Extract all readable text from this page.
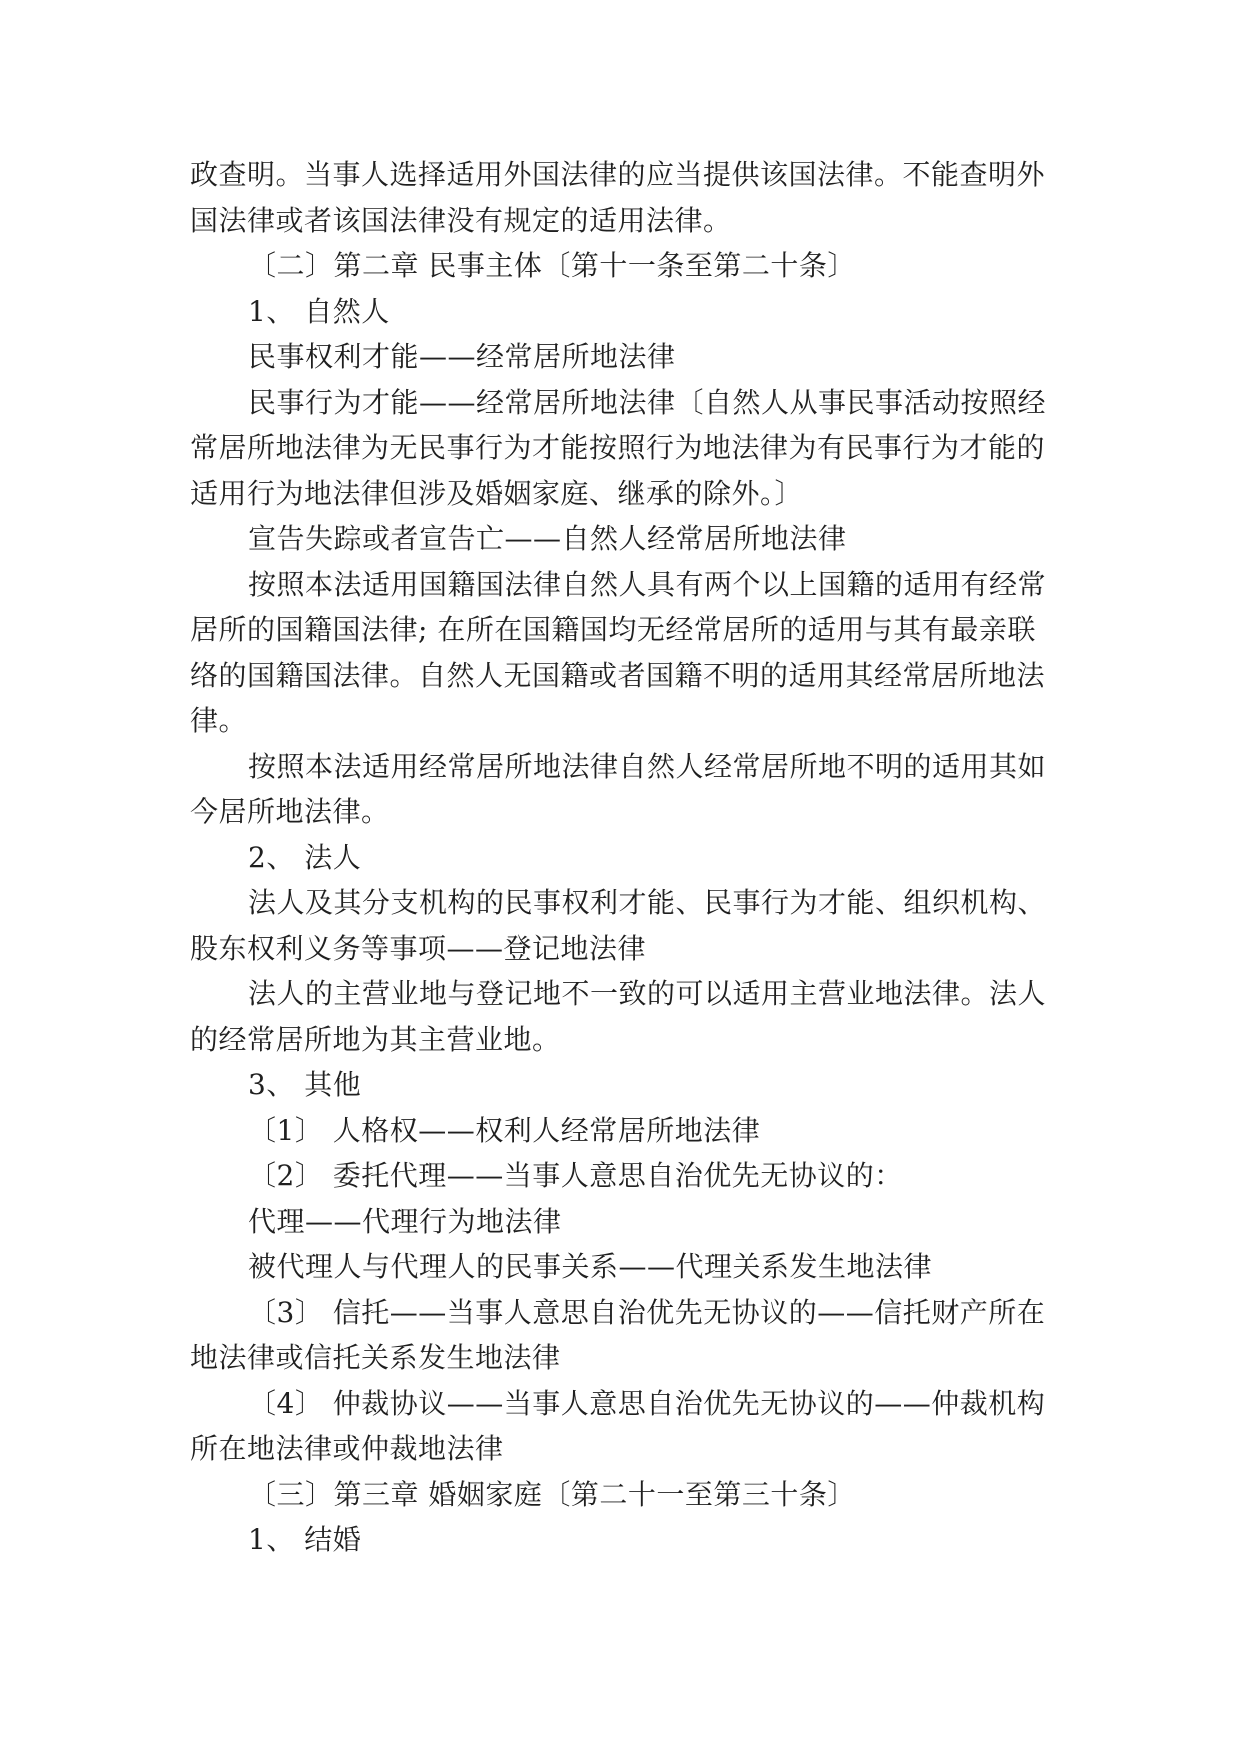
政查明。当事人选择适用外国法律的应当提供该国法律。不能查明外国法律或者该国法律没有规定的适用法律。

〔二〕第二章 民事主体〔第十一条至第二十条〕

1、 自然人

民事权利才能——经常居所地法律

民事行为才能——经常居所地法律〔自然人从事民事活动按照经常居所地法律为无民事行为才能按照行为地法律为有民事行为才能的适用行为地法律但涉及婚姻家庭、继承的除外。〕

宣告失踪或者宣告亡——自然人经常居所地法律

按照本法适用国籍国法律自然人具有两个以上国籍的适用有经常居所的国籍国法律; 在所在国籍国均无经常居所的适用与其有最亲联络的国籍国法律。自然人无国籍或者国籍不明的适用其经常居所地法律。

按照本法适用经常居所地法律自然人经常居所地不明的适用其如今居所地法律。

2、 法人

法人及其分支机构的民事权利才能、民事行为才能、组织机构、股东权利义务等事项——登记地法律

法人的主营业地与登记地不一致的可以适用主营业地法律。法人的经常居所地为其主营业地。

3、 其他

〔1〕 人格权——权利人经常居所地法律

〔2〕 委托代理——当事人意思自治优先无协议的：

代理——代理行为地法律

被代理人与代理人的民事关系——代理关系发生地法律

〔3〕 信托——当事人意思自治优先无协议的——信托财产所在地法律或信托关系发生地法律

〔4〕 仲裁协议——当事人意思自治优先无协议的——仲裁机构所在地法律或仲裁地法律

〔三〕第三章 婚姻家庭〔第二十一至第三十条〕

1、 结婚
